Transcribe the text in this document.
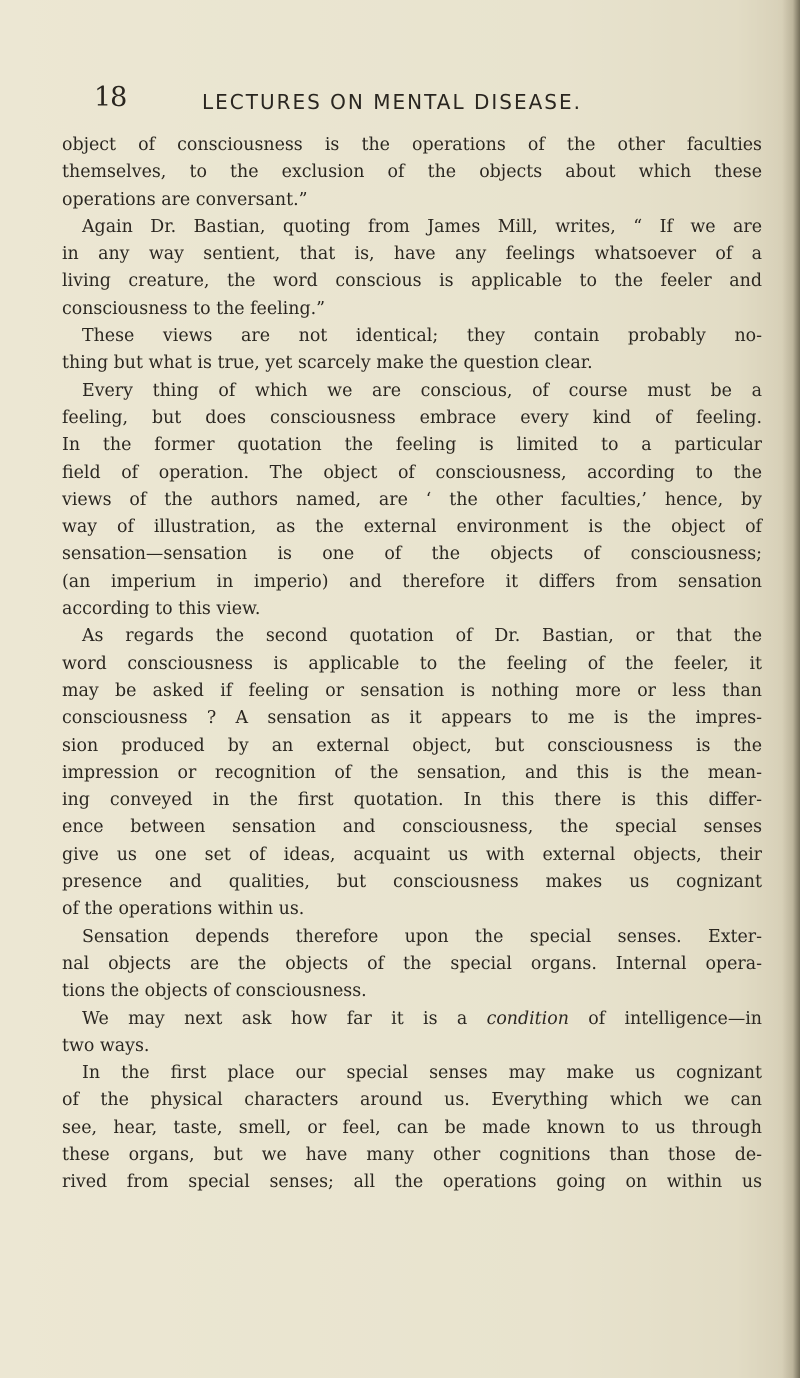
18	LECTURES ON MENTAL DISEASE.
object of consciousness is the operations of the other faculties
themselves, to the exclusion of the objects about which these
operations are conversant.”
Again Dr. Bastian, quoting from James Mill, writes, “ If we are
in any way sentient, that is, have any feelings whatsoever of a
living creature, the word conscious is applicable to the feeler and
consciousness to the feeling.”
These views are not identical; they contain probably no-
thing but what is true, yet scarcely make the question clear.
Every thing of which we are conscious, of course must be a
feeling, but does consciousness embrace every kind of feeling.
In the former quotation the feeling is limited to a particular
field of operation. The object of consciousness, according to the
views of the authors named, are ‘ the other faculties,’ hence, by
way of illustration, as the external environment is the object of
sensation—sensation is one of the objects of consciousness;
(an imperium in imperio) and therefore it differs from sensation
according to this view.
As regards the second quotation of Dr. Bastian, or that the
word consciousness is applicable to the feeling of the feeler, it
may be asked if feeling or sensation is nothing more or less than
consciousness ? A sensation as it appears to me is the impres-
sion produced by an external object, but consciousness is the
impression or recognition of the sensation, and this is the mean-
ing conveyed in the first quotation. In this there is this differ-
ence between sensation and consciousness, the special senses
give us one set of ideas, acquaint us with external objects, their
presence and qualities, but consciousness makes us cognizant
of the operations within us.
Sensation depends therefore upon the special senses. Exter-
nal objects are the objects of the special organs. Internal opera-
tions the objects of consciousness.
We may next ask how far it is a condition of intelligence—in
two ways.
In the first place our special senses may make us cognizant
of the physical characters around us. Everything which we can
see, hear, taste, smell, or feel, can be made known to us through
these organs, but we have many other cognitions than those de-
rived from special senses; all the operations going on within us
